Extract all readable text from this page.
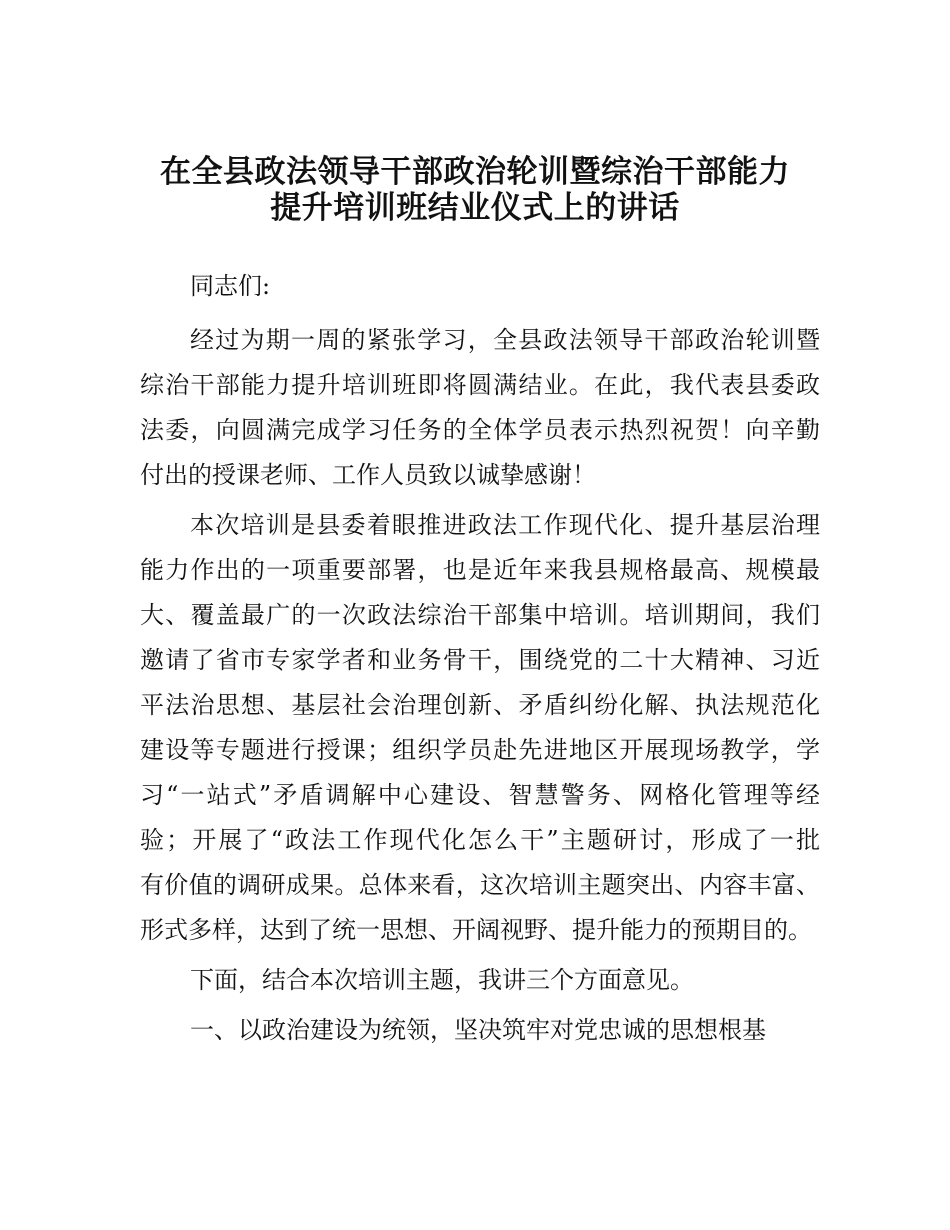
在全县政法领导干部政治轮训暨综治干部能力
提升培训班结业仪式上的讲话
同志们:
经过为期一周的紧张学习，全县政法领导干部政治轮训暨
综治干部能力提升培训班即将圆满结业。在此，我代表县委政
法委，向圆满完成学习任务的全体学员表示热烈祝贺！向辛勤
付出的授课老师、工作人员致以诚挚感谢！
本次培训是县委着眼推进政法工作现代化、提升基层治理
能力作出的一项重要部署，也是近年来我县规格最高、规模最
大、覆盖最广的一次政法综治干部集中培训。培训期间，我们
邀请了省市专家学者和业务骨干，围绕党的二十大精神、习近
平法治思想、基层社会治理创新、矛盾纠纷化解、执法规范化
建设等专题进行授课；组织学员赴先进地区开展现场教学，学
习“一站式”矛盾调解中心建设、智慧警务、网格化管理等经
验；开展了“政法工作现代化怎么干”主题研讨，形成了一批
有价值的调研成果。总体来看，这次培训主题突出、内容丰富、
形式多样，达到了统一思想、开阔视野、提升能力的预期目的。
下面，结合本次培训主题，我讲三个方面意见。
一、以政治建设为统领，坚决筑牢对党忠诚的思想根基
